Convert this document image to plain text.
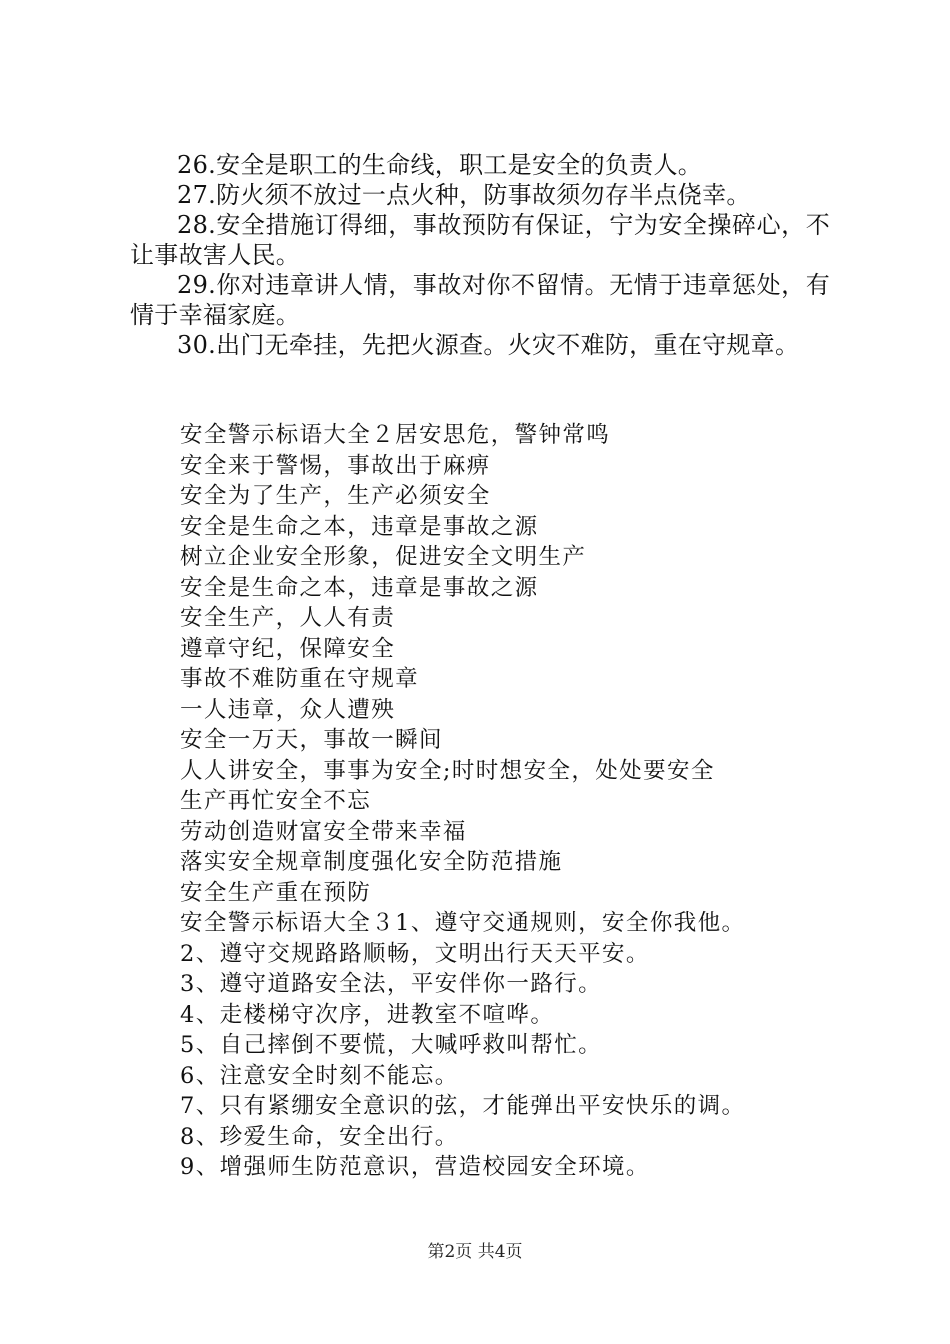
26.安全是职工的生命线，职工是安全的负责人。

27.防火须不放过一点火种，防事故须勿存半点侥幸。

28.安全措施订得细，事故预防有保证，宁为安全操碎心，不让事故害人民。

29.你对违章讲人情，事故对你不留情。无情于违章惩处，有情于幸福家庭。

30.出门无牵挂，先把火源查。火灾不难防，重在守规章。

安全警示标语大全２居安思危，警钟常鸣
安全来于警惕，事故出于麻痹
安全为了生产，生产必须安全
安全是生命之本，违章是事故之源
树立企业安全形象，促进安全文明生产
安全是生命之本，违章是事故之源
安全生产，人人有责
遵章守纪，保障安全
事故不难防重在守规章
一人违章，众人遭殃
安全一万天，事故一瞬间
人人讲安全，事事为安全;时时想安全，处处要安全
生产再忙安全不忘
劳动创造财富安全带来幸福
落实安全规章制度强化安全防范措施
安全生产重在预防
安全警示标语大全３1、遵守交通规则，安全你我他。
2、遵守交规路路顺畅，文明出行天天平安。
3、遵守道路安全法，平安伴你一路行。
4、走楼梯守次序，进教室不喧哗。
5、自己摔倒不要慌，大喊呼救叫帮忙。
6、注意安全时刻不能忘。
7、只有紧绷安全意识的弦，才能弹出平安快乐的调。
8、珍爱生命，安全出行。
9、增强师生防范意识，营造校园安全环境。
第2页 共4页
